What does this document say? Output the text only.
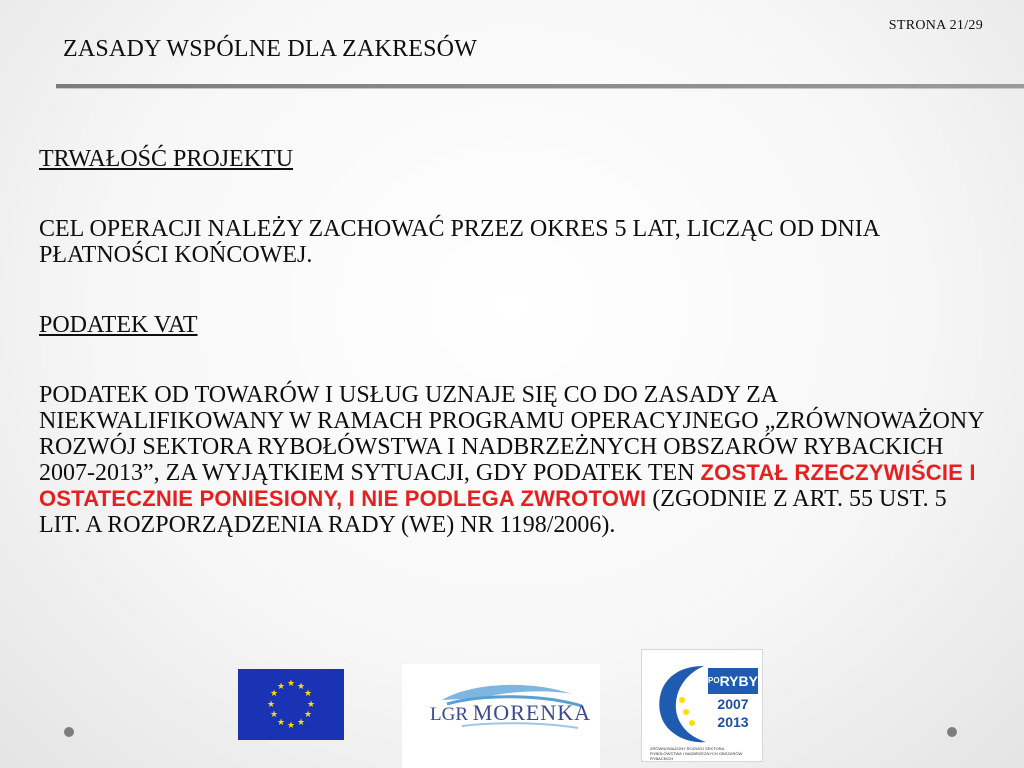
STRONA 21/29
ZASADY WSPÓLNE DLA ZAKRESÓW

TRWAŁOŚĆ PROJEKTU

CEL OPERACJI NALEŻY ZACHOWAĆ PRZEZ OKRES 5 LAT, LICZĄC OD DNIA PŁATNOŚCI KOŃCOWEJ.

PODATEK VAT

PODATEK OD TOWARÓW I USŁUG UZNAJE SIĘ CO DO ZASADY ZA NIEKWALIFIKOWANY W RAMACH PROGRAMU OPERACYJNEGO „ZRÓWNOWAŻONY ROZWÓJ SEKTORA RYBOŁÓWSTWA I NADBRZEŻNYCH OBSZARÓW RYBACKICH 2007-2013”, ZA WYJĄTKIEM SYTUACJI, GDY PODATEK TEN ZOSTAŁ RZECZYWIŚCIE I OSTATECZNIE PONIESIONY, I NIE PODLEGA ZWROTOWI (ZGODNIE Z ART. 55 UST. 5 LIT. A ROZPORZĄDZENIA RADY (WE) NR 1198/2006).

★ ★
★
★
★
★
★
★
★
★
★
★
LGR MORENKA
$^{PO}$RYBY
2007
2013
ZRÓWNOWAŻONY ROZWÓJ SEKTORA RYBOŁÓWSTWA I NADBRZEŻNYCH OBSZARÓW RYBACKICH
